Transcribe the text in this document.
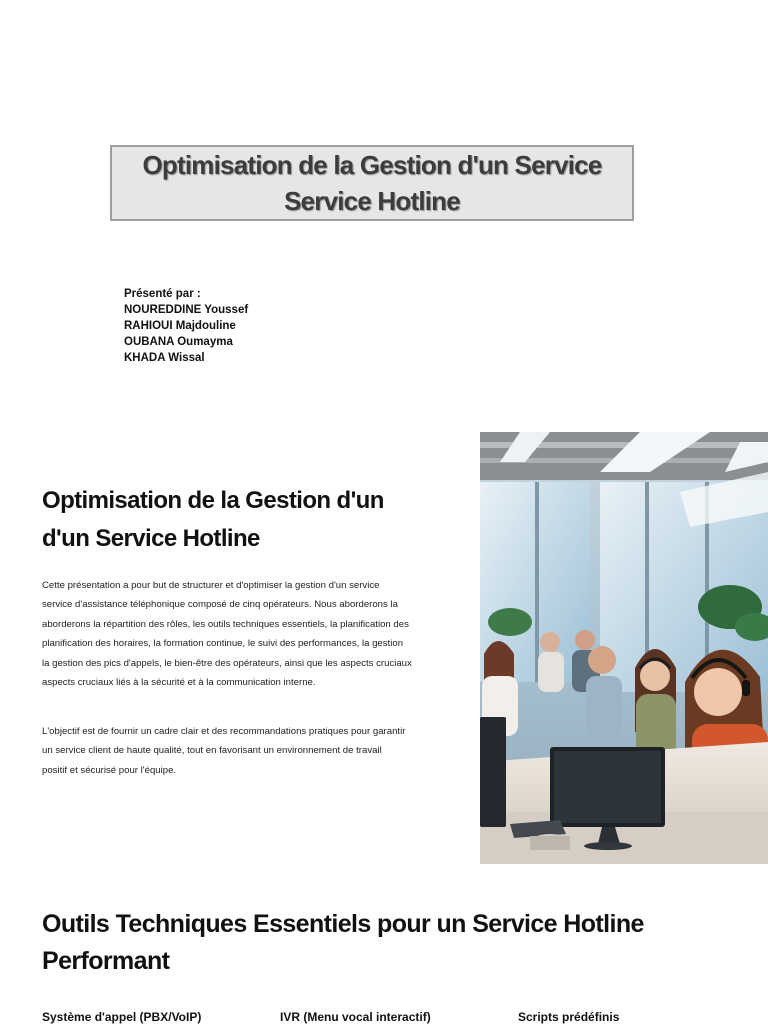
Optimisation de la Gestion d'un Service
Service Hotline
Présenté par :
NOUREDDINE Youssef
RAHIOUI Majdouline
OUBANA Oumayma
KHADA Wissal
Optimisation de la Gestion d'un
d'un Service Hotline
Cette présentation a pour but de structurer et d'optimiser la gestion d'un service
service d'assistance téléphonique composé de cinq opérateurs. Nous aborderons la
aborderons la répartition des rôles, les outils techniques essentiels, la planification des
planification des horaires, la formation continue, le suivi des performances, la gestion
la gestion des pics d'appels, le bien-être des opérateurs, ainsi que les aspects cruciaux
aspects cruciaux liés à la sécurité et à la communication interne.
L'objectif est de fournir un cadre clair et des recommandations pratiques pour garantir
un service client de haute qualité, tout en favorisant un environnement de travail
positif et sécurisé pour l'équipe.
Outils Techniques Essentiels pour un Service Hotline
Performant
Système d'appel (PBX/VoIP)	IVR (Menu vocal interactif)	Scripts prédéfinis
